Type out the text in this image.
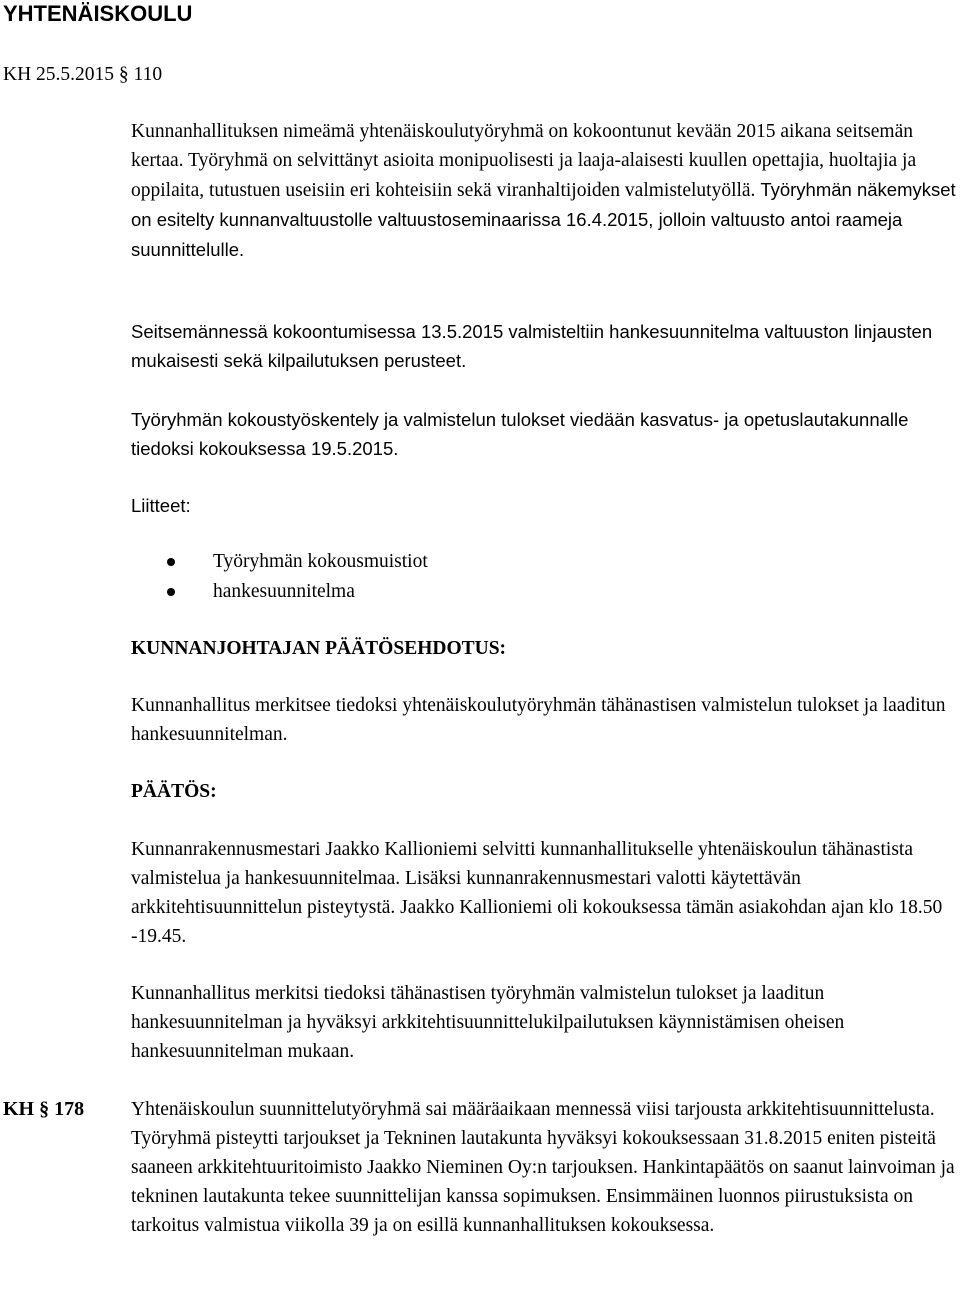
YHTENÄISKOULU
KH 25.5.2015 § 110

Kunnanhallituksen nimeämä yhtenäiskoulutyöryhmä on kokoontunut kevään 2015 aikana seitsemän kertaa. Työryhmä on selvittänyt asioita monipuolisesti ja laaja-alaisesti kuullen opettajia, huoltajia ja oppilaita, tutustuen useisiin eri kohteisiin sekä viranhaltijoiden valmistelutyöllä. Työryhmän näkemykset on esitelty kunnanvaltuustolle valtuustoseminaarissa 16.4.2015, jolloin valtuusto antoi raameja suunnittelulle.

Seitsemännessä kokoontumisessa 13.5.2015 valmisteltiin hankesuunnitelma valtuuston linjausten mukaisesti sekä kilpailutuksen perusteet.

Työryhmän kokoustyöskentely ja valmistelun tulokset viedään kasvatus- ja opetuslautakunnalle tiedoksi kokouksessa 19.5.2015.

Liitteet:

Työryhmän kokousmuistiot
hankesuunnitelma
KUNNANJOHTAJAN PÄÄTÖSEHDOTUS:

Kunnanhallitus merkitsee tiedoksi yhtenäiskoulutyöryhmän tähänastisen valmistelun tulokset ja laaditun hankesuunnitelman.

PÄÄTÖS:

Kunnanrakennusmestari Jaakko Kallioniemi selvitti kunnanhallitukselle yhtenäiskoulun tähänastista valmistelua ja hankesuunnitelmaa. Lisäksi kunnanrakennusmestari valotti käytettävän arkkitehtisuunnittelun pisteytystä. Jaakko Kallioniemi oli kokouksessa tämän asiakohdan ajan klo 18.50 -19.45.

Kunnanhallitus merkitsi tiedoksi tähänastisen työryhmän valmistelun tulokset ja laaditun hankesuunnitelman ja hyväksyi arkkitehtisuunnittelukilpailutuksen käynnistämisen oheisen hankesuunnitelman mukaan.

KH § 178 Yhtenäiskoulun suunnittelutyöryhmä sai määräaikaan mennessä viisi tarjousta arkkitehtisuunnittelusta. Työryhmä pisteytti tarjoukset ja Tekninen lautakunta hyväksyi kokouksessaan 31.8.2015 eniten pisteitä saaneen arkkitehtuuritoimisto Jaakko Nieminen Oy:n tarjouksen. Hankintapäätös on saanut lainvoiman ja tekninen lautakunta tekee suunnittelijan kanssa sopimuksen. Ensimmäinen luonnos piirustuksista on tarkoitus valmistua viikolla 39 ja on esillä kunnanhallituksen kokouksessa.
